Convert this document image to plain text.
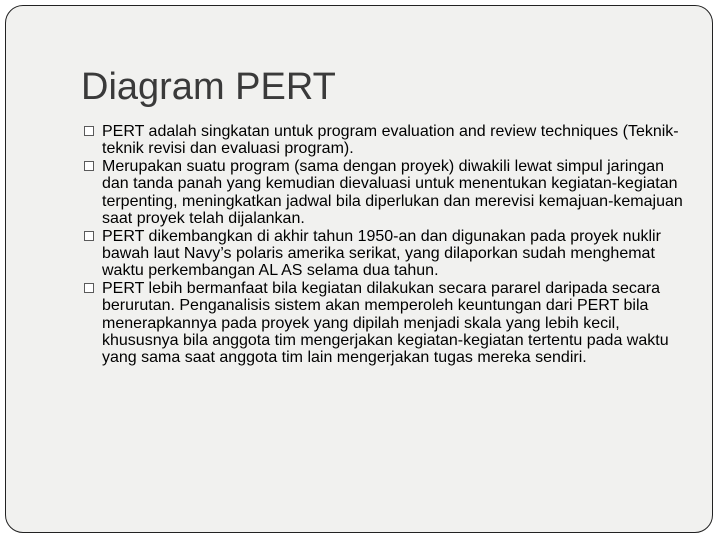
Diagram PERT
PERT adalah singkatan untuk program evaluation and review techniques (Teknik-teknik revisi dan evaluasi program).
Merupakan suatu program (sama dengan proyek) diwakili lewat simpul jaringan dan tanda panah yang kemudian dievaluasi untuk menentukan kegiatan-kegiatan terpenting, meningkatkan jadwal bila diperlukan dan merevisi kemajuan-kemajuan saat proyek telah dijalankan.
PERT dikembangkan di akhir tahun 1950-an dan digunakan pada proyek nuklir bawah laut Navy’s polaris amerika serikat, yang dilaporkan sudah menghemat waktu perkembangan AL AS selama dua tahun.
PERT lebih bermanfaat bila kegiatan dilakukan secara pararel daripada secara berurutan. Penganalisis sistem akan memperoleh keuntungan dari PERT bila menerapkannya pada proyek yang dipilah menjadi skala yang lebih kecil, khususnya bila anggota tim mengerjakan kegiatan-kegiatan tertentu pada waktu yang sama saat anggota tim lain mengerjakan tugas mereka sendiri.
